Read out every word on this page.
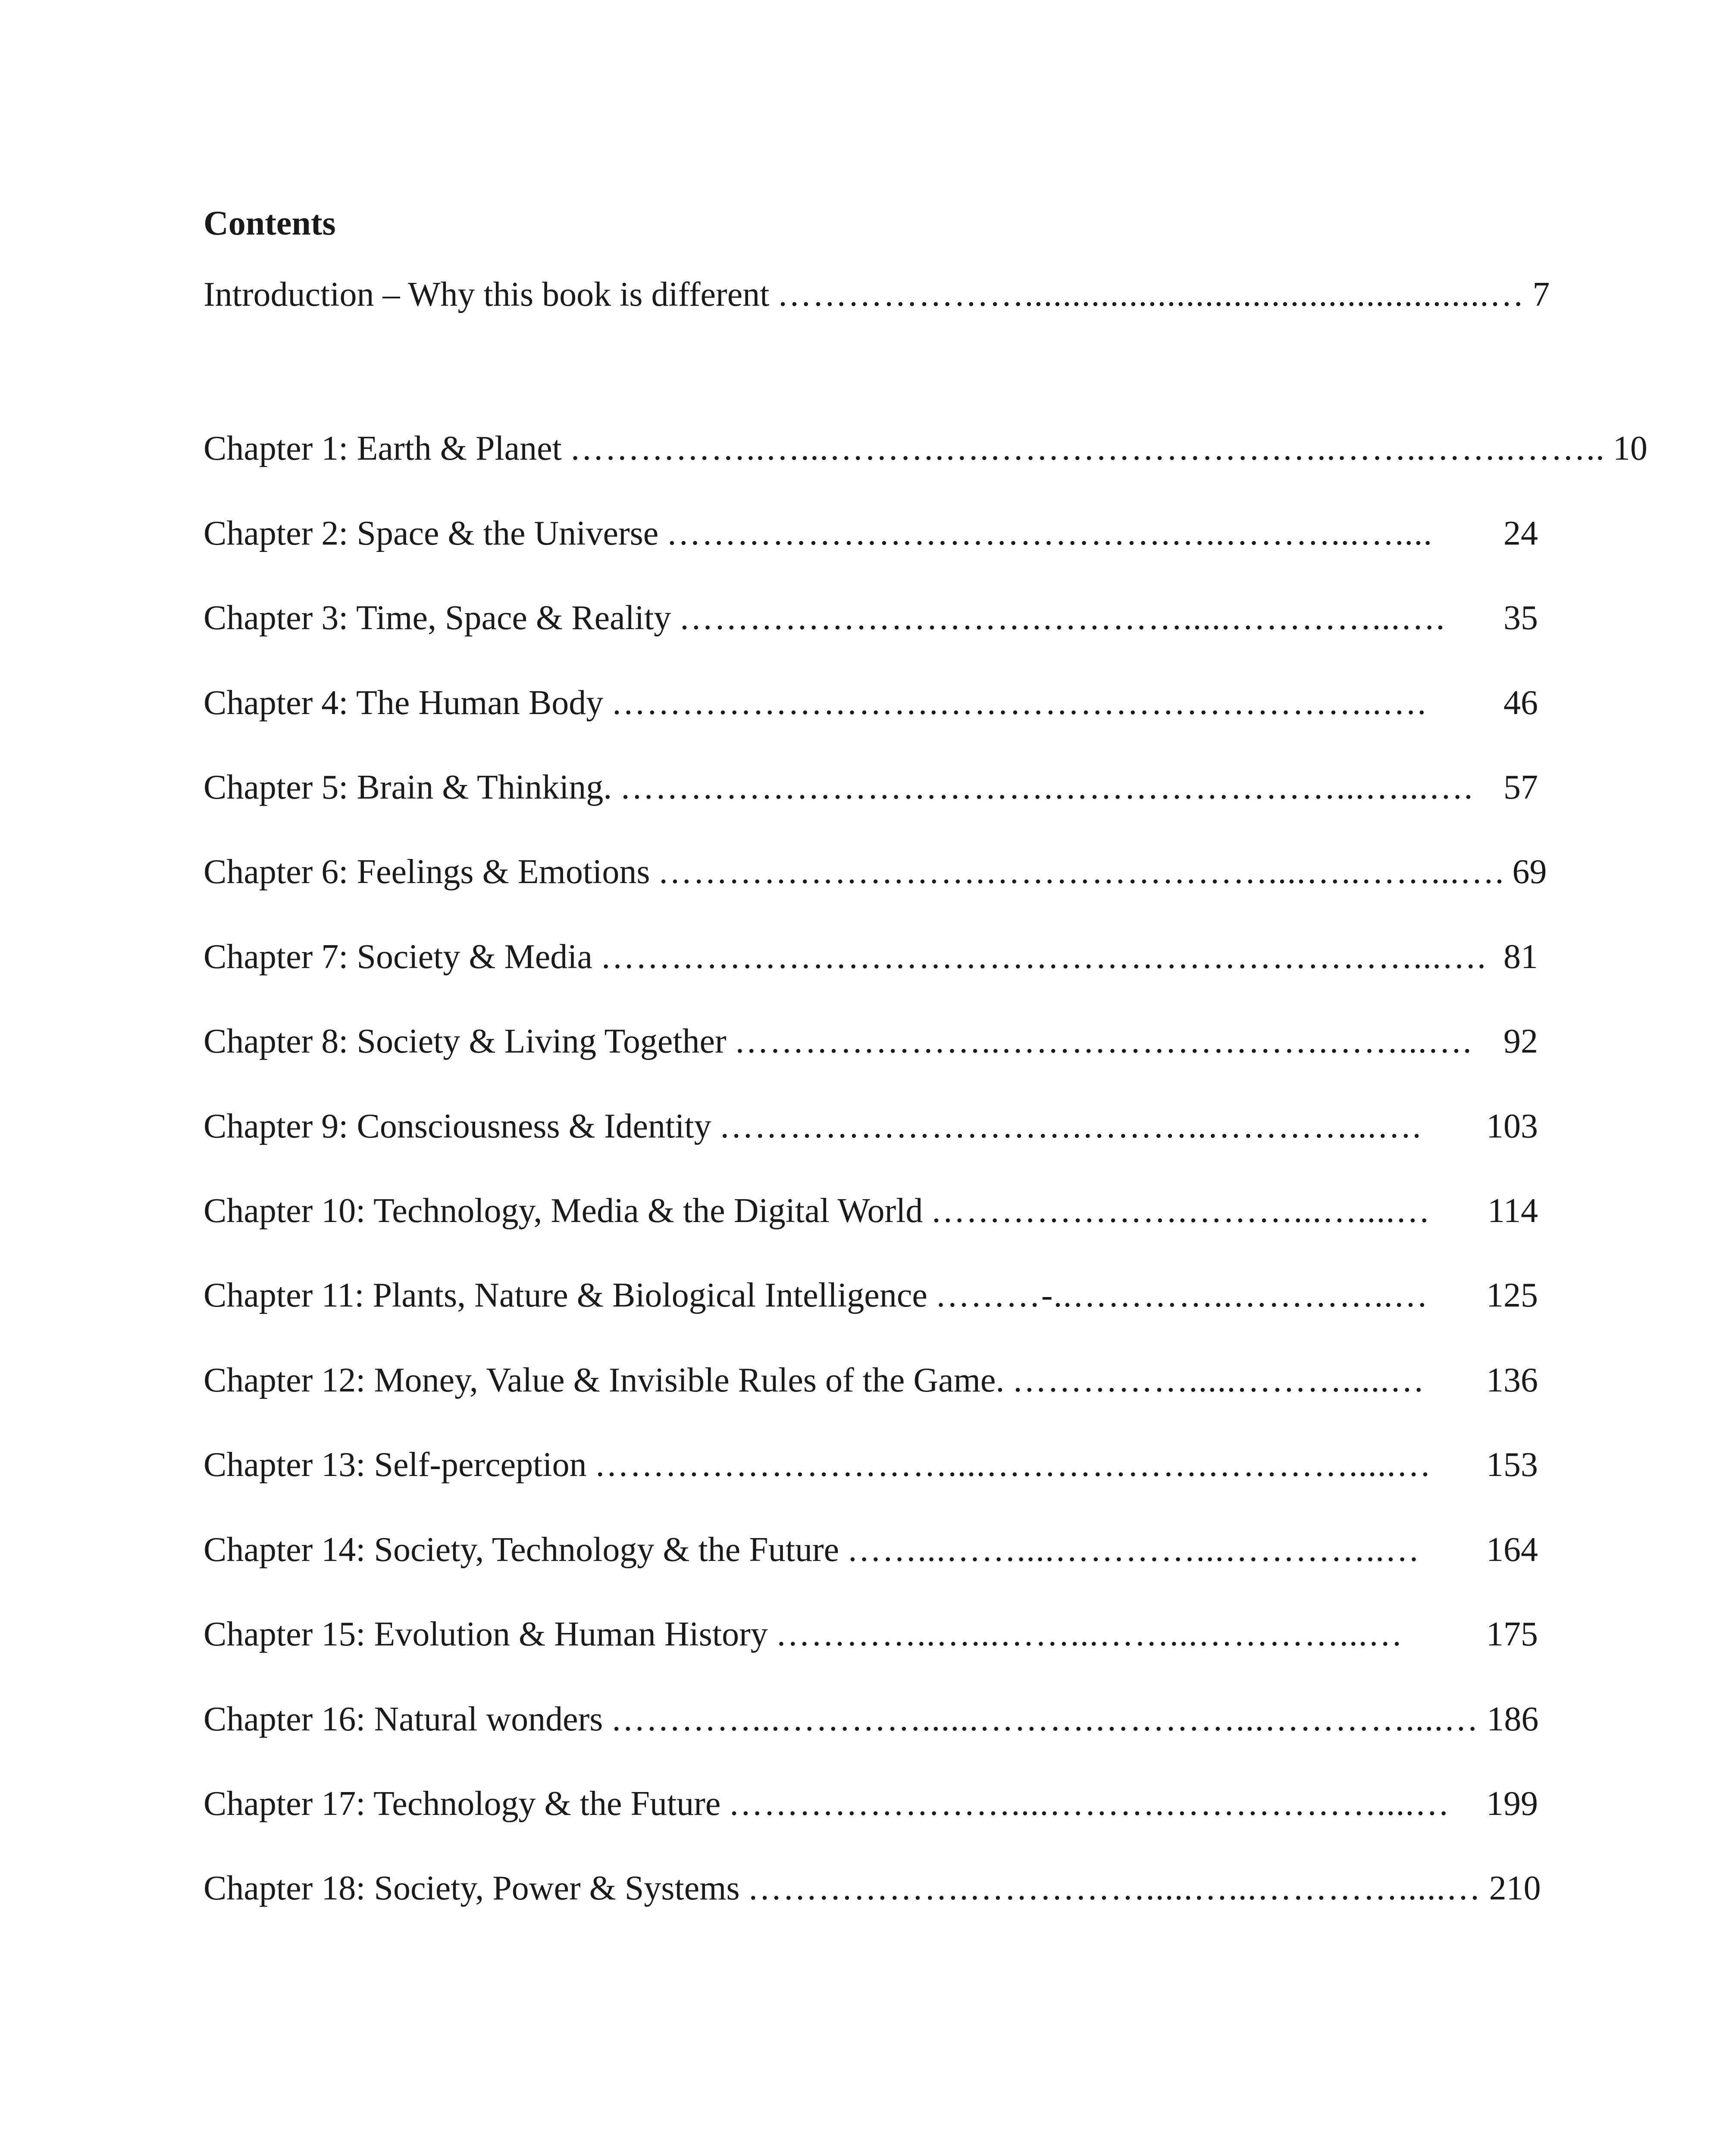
Contents
Introduction – Why this book is different ………………….................................................… 7
Chapter 1: Earth & Planet ……………..…...……….….…………………….…..……..……..…….. 10
Chapter 2: Space & the Universe …………………………………….…..………...…....	24
Chapter 3: Time, Space & Reality ………………………….………….....…………...….	35
Chapter 4: The Human Body ……………………….………………………………..….	46
Chapter 5: Brain & Thinking. ……………………………….……………………...…...…. 57
Chapter 6: Feelings & Emotions ……………………….……………………....…..……...…. 69
Chapter 7: Society & Media ……………………………………………………………...…. 81
Chapter 8: Society & Living Together …………………..……………………….……...…. 92
Chapter 9: Consciousness & Identity ………………………….………..…………...….	103
Chapter 10: Technology, Media & the Digital World ………………….………...…....…	114
Chapter 11: Plants, Nature & Biological Intelligence ………-..…………..…………..…	125
Chapter 12: Money, Value & Invisible Rules of the Game. …………….....……….....…	136
Chapter 13: Self-perception …………………………....……………….………….....…	153
Chapter 14: Society, Technology & the Future ……...……....…………...…………..…	164
Chapter 15: Evolution & Human History …………..…...……...……...…………...…	175
Chapter 16: Natural wonders …………...…………......……….…………...…………....… 186
Chapter 17: Technology & the Future ……………………....……….………………....…	199
Chapter 18: Society, Power & Systems ……………….…………….....…...………….....… 210
